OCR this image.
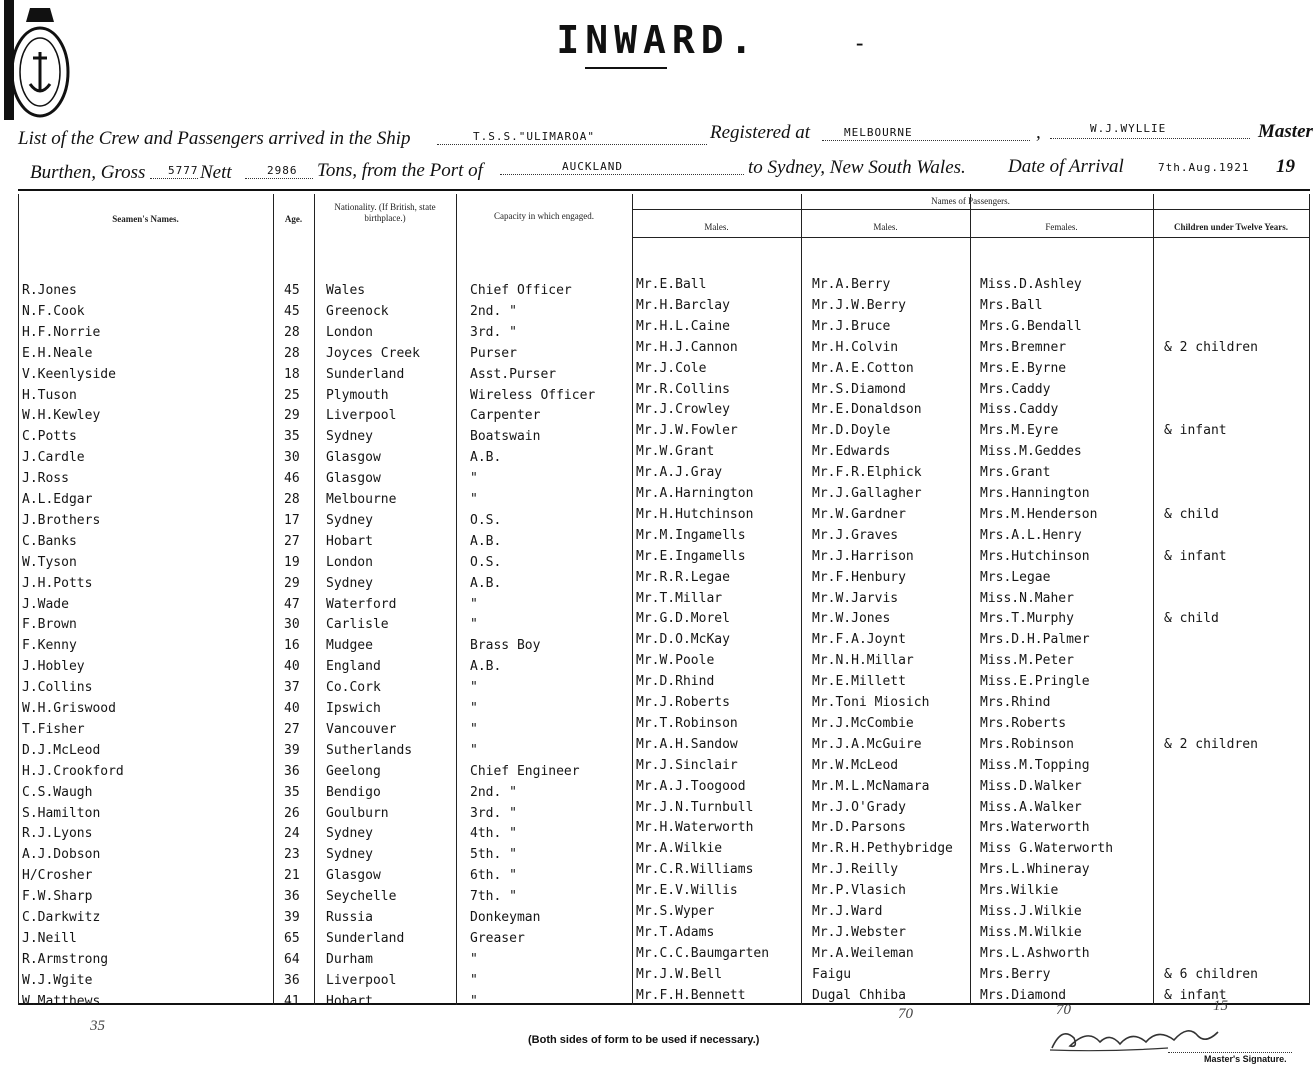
INWARD.	-
List of the Crew and Passengers arrived in the Ship	T.S.S."ULIMAROA"	Registered at	MELBOURNE	,	W.J.WYLLIE	Master
Burthen, Gross 5777 Nett	2986 Tons, from the Port of	AUCKLAND	to Sydney, New South Wales. Date of Arrival	7th.Aug.1921 19
Seamen's Names.	Age.
Nationality. (If British, state birthplace.)	Capacity in which engaged.
Names of Passengers.
Males.	Males.	Females.	Children under Twelve Years.
R.Jones	45 Wales	Chief Officer	Mr.E.Ball	Mr.A.Berry	Miss.D.Ashley
N.F.Cook	45 Greenock	2nd. "	Mr.H.Barclay	Mr.J.W.Berry	Mrs.Ball
H.F.Norrie	28 London	3rd. "	Mr.H.L.Caine	Mr.J.Bruce	Mrs.G.Bendall
E.H.Neale	28 Joyces Creek	Purser	Mr.H.J.Cannon	Mr.H.Colvin	Mrs.Bremner	& 2 children
V.Keenlyside	18 Sunderland	Asst.Purser	Mr.J.Cole	Mr.A.E.Cotton	Mrs.E.Byrne
H.Tuson	25 Plymouth	Wireless Officer	Mr.R.Collins	Mr.S.Diamond	Mrs.Caddy
W.H.Kewley	29 Liverpool	Carpenter	Mr.J.Crowley	Mr.E.Donaldson	Miss.Caddy
C.Potts	35 Sydney	Boatswain	Mr.J.W.Fowler	Mr.D.Doyle	Mrs.M.Eyre	& infant
J.Cardle	30 Glasgow	A.B.	Mr.W.Grant	Mr.Edwards	Miss.M.Geddes
J.Ross	46 Glasgow	"	Mr.A.J.Gray	Mr.F.R.Elphick	Mrs.Grant
A.L.Edgar	28 Melbourne	"	Mr.A.Harnington	Mr.J.Gallagher	Mrs.Hannington
J.Brothers	17 Sydney	O.S.	Mr.H.Hutchinson	Mr.W.Gardner	Mrs.M.Henderson	& child
C.Banks	27 Hobart	A.B.	Mr.M.Ingamells	Mr.J.Graves	Mrs.A.L.Henry
W.Tyson	19 London	O.S.	Mr.E.Ingamells	Mr.J.Harrison	Mrs.Hutchinson	& infant
J.H.Potts	29 Sydney	A.B.	Mr.R.R.Legae	Mr.F.Henbury	Mrs.Legae
J.Wade	47 Waterford	"	Mr.T.Millar	Mr.W.Jarvis	Miss.N.Maher
F.Brown	30 Carlisle	"	Mr.G.D.Morel	Mr.W.Jones	Mrs.T.Murphy	& child
F.Kenny	16 Mudgee	Brass Boy	Mr.D.O.McKay	Mr.F.A.Joynt	Mrs.D.H.Palmer
J.Hobley	40 England	A.B.	Mr.W.Poole	Mr.N.H.Millar	Miss.M.Peter
J.Collins	37 Co.Cork	"	Mr.D.Rhind	Mr.E.Millett	Miss.E.Pringle
W.H.Griswood	40 Ipswich	"	Mr.J.Roberts	Mr.Toni Miosich	Mrs.Rhind
T.Fisher	27 Vancouver	"	Mr.T.Robinson	Mr.J.McCombie	Mrs.Roberts
D.J.McLeod	39 Sutherlands	"	Mr.A.H.Sandow	Mr.J.A.McGuire	Mrs.Robinson	& 2 children
H.J.Crookford	36 Geelong	Chief Engineer	Mr.J.Sinclair	Mr.W.McLeod	Miss.M.Topping
C.S.Waugh	35 Bendigo	2nd. "	Mr.A.J.Toogood	Mr.M.L.McNamara	Miss.D.Walker
S.Hamilton	26 Goulburn	3rd. "	Mr.J.N.Turnbull	Mr.J.O'Grady	Miss.A.Walker
R.J.Lyons	24 Sydney	4th. "	Mr.H.Waterworth	Mr.D.Parsons	Mrs.Waterworth
A.J.Dobson	23 Sydney	5th. "	Mr.A.Wilkie	Mr.R.H.Pethybridge Miss G.Waterworth
H/Crosher	21 Glasgow	6th. "	Mr.C.R.Williams	Mr.J.Reilly	Mrs.L.Whineray
F.W.Sharp	36 Seychelle	7th. "	Mr.E.V.Willis	Mr.P.Vlasich	Mrs.Wilkie
C.Darkwitz	39 Russia	Donkeyman	Mr.S.Wyper	Mr.J.Ward	Miss.J.Wilkie
J.Neill	65 Sunderland	Greaser	Mr.T.Adams	Mr.J.Webster	Miss.M.Wilkie
R.Armstrong	64 Durham	"	Mr.C.C.Baumgarten	Mr.A.Weileman	Mrs.L.Ashworth
W.J.Wgite	36 Liverpool	"	Mr.J.W.Bell	Faigu	Mrs.Berry	& 6 children
W.Matthews	41 Hobart	"	Mr.F.H.Bennett	Dugal Chhiba	Mrs.Diamond	& infant
35
70	70	15
(Both sides of form to be used if necessary.)
Master's Signature.
